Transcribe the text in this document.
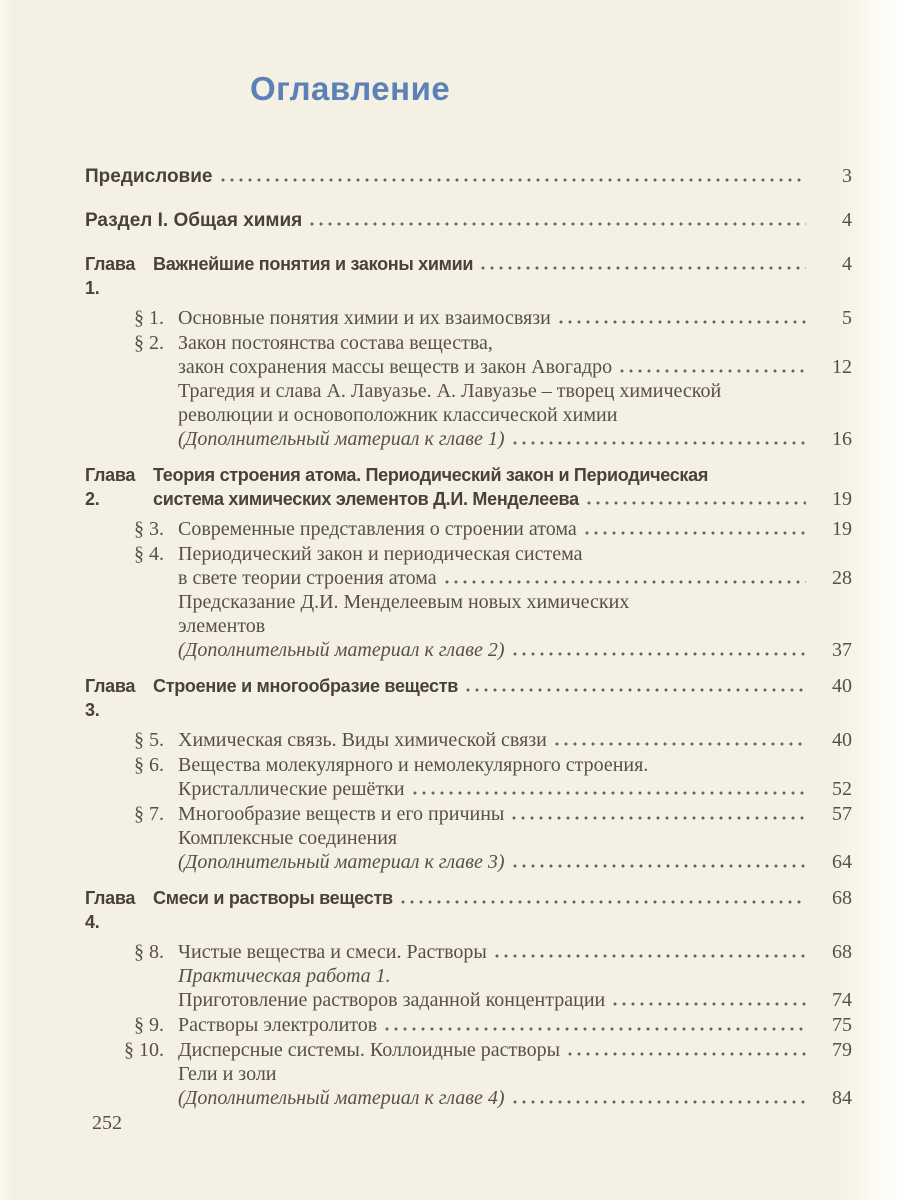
Оглавление
Предисловие	3
Раздел I. Общая химия	4
Глава 1.
Важнейшие понятия и законы химии	4
§ 1. Основные понятия химии и их взаимосвязи	5
§ 2. Закон постоянства состава вещества,
закон сохранения массы веществ и закон Авогадро	12
Трагедия и слава А. Лавуазье. А. Лавуазье – творец химической
революции и основоположник классической химии
(Дополнительный материал к главе 1)	16
Глава 2.
Теория строения атома. Периодический закон и Периодическая
система химических элементов Д.И. Менделеева	19
§ 3. Современные представления о строении атома	19
§ 4. Периодический закон и периодическая система
в свете теории строения атома	28
Предсказание Д.И. Менделеевым новых химических
элементов
(Дополнительный материал к главе 2)	37
Глава 3.
Строение и многообразие веществ	40
§ 5. Химическая связь. Виды химической связи	40
§ 6. Вещества молекулярного и немолекулярного строения.
Кристаллические решётки	52
§ 7. Многообразие веществ и его причины	57
Комплексные соединения
(Дополнительный материал к главе 3)	64
Глава 4.
Смеси и растворы веществ	68
§ 8. Чистые вещества и смеси. Растворы	68
Практическая работа 1.
Приготовление растворов заданной концентрации	74
§ 9. Растворы электролитов	75
§ 10. Дисперсные системы. Коллоидные растворы	79
Гели и золи
(Дополнительный материал к главе 4)	84
252
